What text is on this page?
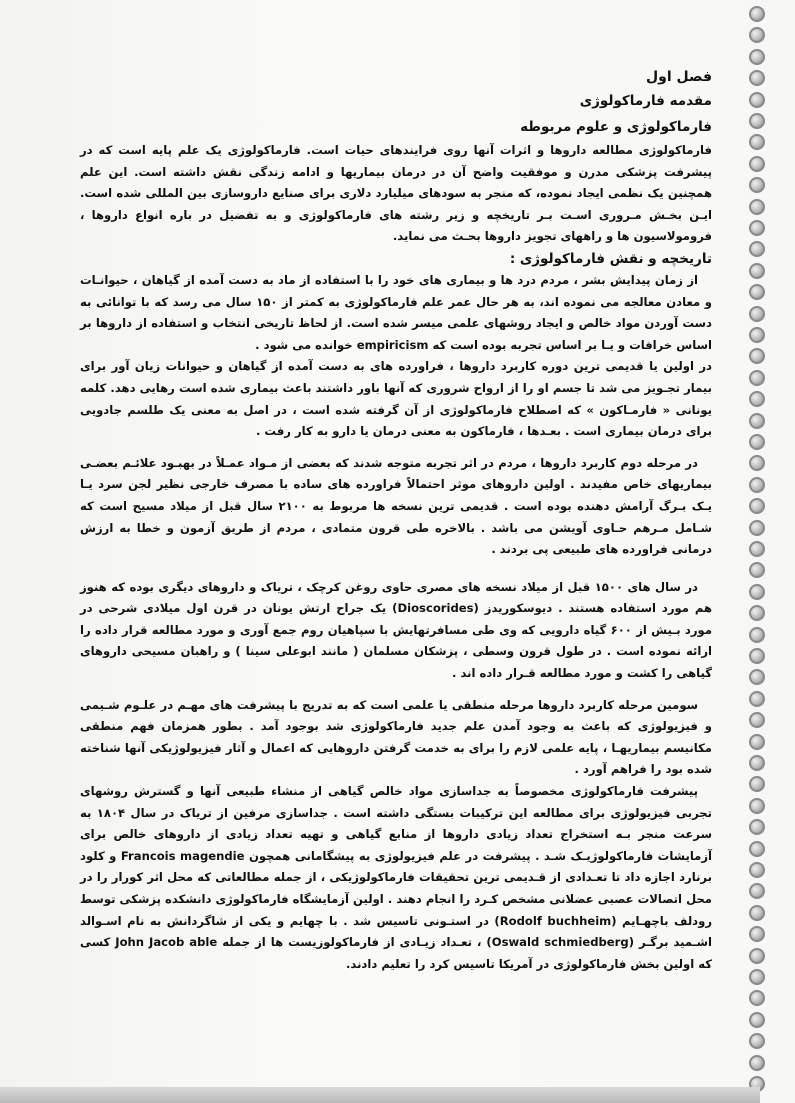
فصل اول
مقدمه فارماکولوژی
فارماکولوژی و علوم مربوطه

فارماکولوژی مطالعه داروها و اثرات آنها روی فرایندهای حیات است. فارماکولوژی یک علم پایه است که در پیشرفت پزشکی مدرن و موفقیت واضح آن در درمان بیماریها و ادامه زندگی نقش داشته است. این علم همچنین یک نظمی ایجاد نموده، که منجر به سودهای میلیارد دلاری برای صنایع داروسازی بین المللی شده است. ایـن بخـش مـروری اسـت بـر تاریخچه و زیر رشته های فارماکولوژی و به تفضیل در باره انواع داروها ، فرومولاسیون ها و راههای تجویز داروها بحـث می نماید.

تاریخچه و نقش فارماکولوژی :

از زمان پیدایش بشر ، مردم درد ها و بیماری های خود را با استفاده از ماد به دست آمده از گیاهان ، حیوانـات و معادن معالجه می نموده اند، به هر حال عمر علم فارماکولوژی به کمتر از ۱۵۰ سال می رسد که با توانائی به دست آوردن مواد خالص و ایجاد روشهای علمی میسر شده است. از لحاظ تاریخی انتخاب و استفاده از داروها بر اساس خرافات و یـا بر اساس تجربه بوده است که empiricism خوانده می شود .

در اولین یا قدیمی ترین دوره کاربرد داروها ، فراورده های به دست آمده از گیاهان و حیوانات زیان آور برای بیمار تجـویز می شد تا جسم او را از ارواح شروری که آنها باور داشتند باعث بیماری شده است رهایی دهد. کلمه یونانی « فارمـاکون » که اصطلاح فارماکولوژی از آن گرفته شده است ، در اصل به معنی یک طلسم جادویی برای درمان بیماری است . بعـدها ، فارماکون به معنی درمان یا دارو به کار رفت .

در مرحله دوم کاربرد داروها ، مردم در اثر تجربه متوجه شدند که بعضی از مـواد عمـلاً در بهبـود علائـم بعضـی بیماریهای خاص مفیدند . اولین داروهای موثر احتمالاً فراورده های ساده با مصرف خارجی نظیر لجن سرد یـا یـک بـرگ آرامش دهنده بوده است . قدیمی ترین نسخه ها مربوط به ۲۱۰۰ سال قبل از میلاد مسیح است که شـامل مـرهم حـاوی آویشن می باشد . بالاخره طی قرون متمادی ، مردم از طریق آزمون و خطا به ارزش درمانی فراورده های طبیعی پی بردند .

در سال های ۱۵۰۰ قبل از میلاد نسخه های مصری حاوی روغن کرچک ، تریاک و داروهای دیگری بوده که هنوز هم مورد استفاده هستند . دیوسکوریدز (Dioscorides) یک جراح ارتش یونان در قرن اول میلادی شرحی در مورد بـیش از ۶۰۰ گیاه دارویی که وی طی مسافرتهایش با سپاهیان روم جمع آوری و مورد مطالعه قرار داده را ارائه نموده است . در طول قرون وسطی ، پزشکان مسلمان ( مانند ابوعلی سینا ) و راهبان مسیحی داروهای گیاهی را کشت و مورد مطالعه قـرار داده اند .

سومین مرحله کاربرد داروها مرحله منطقی یا علمی است که به تدریج با پیشرفت های مهـم در علـوم شـیمی و فیزیولوژی که باعث به وجود آمدن علم جدید فارماکولوژی شد بوجود آمد . بطور همزمان فهم منطقی مکانیسم بیماریهـا ، پایه علمی لازم را برای به خدمت گرفتن داروهایی که اعمال و آثار فیزیولوژیکی آنها شناخته شده بود را فراهم آورد .

پیشرفت فارماکولوژی مخصوصاً به جداسازی مواد خالص گیاهی از منشاء طبیعی آنها و گسترش روشهای تجربی فیزیولوژی برای مطالعه این ترکیبات بستگی داشته است . جداسازی مرفین از تریاک در سال ۱۸۰۴ به سرعت منجر بـه استخراج تعداد زیادی داروها از منابع گیاهی و تهیه تعداد زیادی از داروهای خالص برای آزمایشات فارماکولوژیـک شـد . پیشرفت در علم فیزیولوژی به پیشگامانی همچون Francois magendie و کلود برنارد اجازه داد تا تعـدادی از قـدیمی ترین تحقیقات فارماکولوژیکی ، از جمله مطالعاتی که محل اثر کورار را در محل اتصالات عصبی عضلانی مشخص کـرد را انجام دهند . اولین آزمایشگاه فارماکولوژی دانشکده پزشکی توسط رودلف باچهـایم (Rodolf buchheim) در استـونی تاسیس شد . با چهایم و یکی از شاگردانش به نام اسـوالد اشـمید برگـر (Oswald schmiedberg) ، تعـداد زیـادی از فارماکولوزیست ها از جمله John Jacob able کسی که اولین بخش فارماکولوژی در آمریکا تاسیس کرد را تعلیم دادند.
